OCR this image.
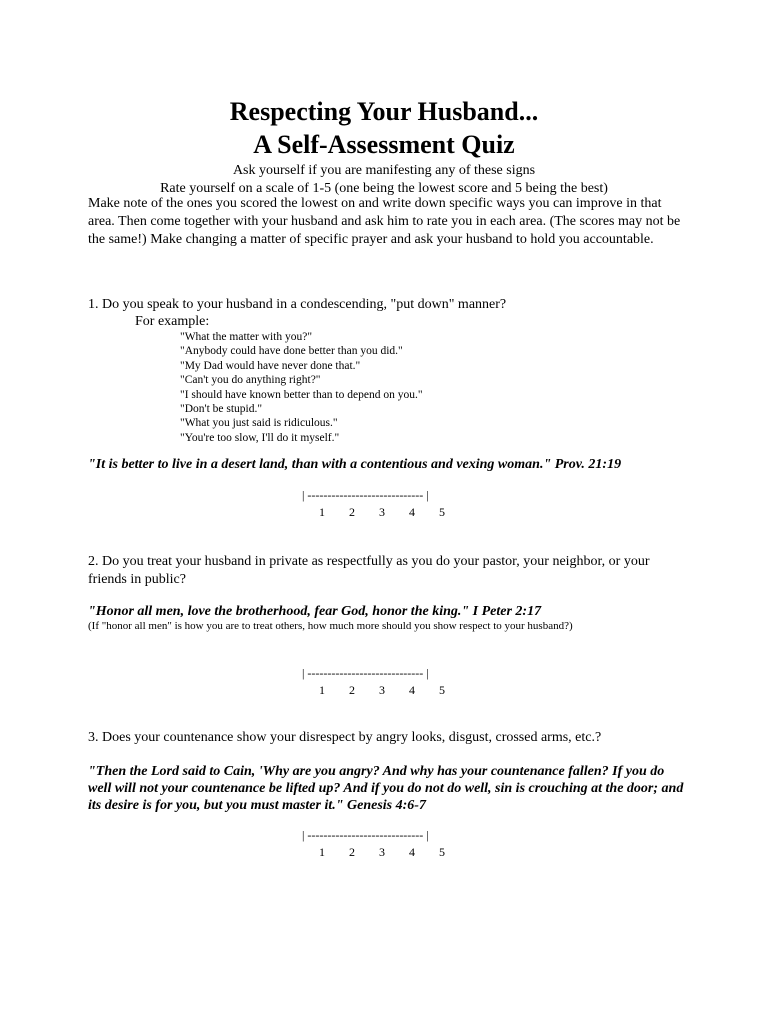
Respecting Your Husband...
A Self-Assessment Quiz
Ask yourself if you are manifesting any of these signs
Rate yourself on a scale of 1-5 (one being the lowest score and 5 being the best)
Make note of the ones you scored the lowest on and write down specific ways you can improve in that area. Then come together with your husband and ask him to rate you in each area. (The scores may not be the same!) Make changing a matter of specific prayer and ask your husband to hold you accountable.
1. Do you speak to your husband in a condescending, "put down" manner?
For example:
"What the matter with you?"
"Anybody could have done better than you did."
"My Dad would have never done that."
"Can't you do anything right?"
"I should have known better than to depend on you."
"Don't be stupid."
"What you just said is ridiculous."
"You're too slow, I'll do it myself."
"It is better to live in a desert land, than with a contentious and vexing woman." Prov. 21:19
| ----------------------------- |
1 2 3 4 5
2. Do you treat your husband in private as respectfully as you do your pastor, your neighbor, or your friends in public?
"Honor all men, love the brotherhood, fear God, honor the king." I Peter 2:17
(If "honor all men" is how you are to treat others, how much more should you show respect to your husband?)
| ----------------------------- |
1 2 3 4 5
3. Does your countenance show your disrespect by angry looks, disgust, crossed arms, etc.?
"Then the Lord said to Cain, 'Why are you angry? And why has your countenance fallen? If you do well will not your countenance be lifted up? And if you do not do well, sin is crouching at the door; and its desire is for you, but you must master it." Genesis 4:6-7
| ----------------------------- |
1 2 3 4 5
